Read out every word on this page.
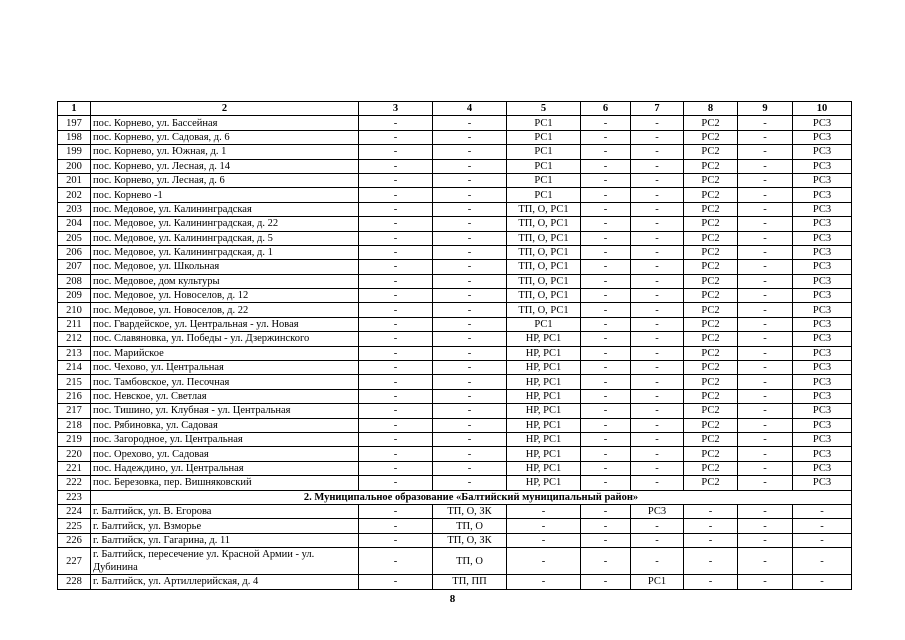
1	2	3	4	5	6	7	8	9	10
197	пос. Корнево, ул. Бассейная	-	-	РС1	-	-	РС2	-	РС3
198	пос. Корнево, ул. Садовая, д. 6	-	-	РС1	-	-	РС2	-	РС3
199	пос. Корнево, ул. Южная, д. 1	-	-	РС1	-	-	РС2	-	РС3
200	пос. Корнево, ул. Лесная, д. 14	-	-	РС1	-	-	РС2	-	РС3
201	пос. Корнево, ул. Лесная, д. 6	-	-	РС1	-	-	РС2	-	РС3
202	пос. Корнево -1	-	-	РС1	-	-	РС2	-	РС3
203	пос. Медовое, ул. Калининградская	-	-	ТП, О, РС1	-	-	РС2	-	РС3
204	пос. Медовое, ул. Калининградская, д. 22	-	-	ТП, О, РС1	-	-	РС2	-	РС3
205	пос. Медовое, ул. Калининградская, д. 5	-	-	ТП, О, РС1	-	-	РС2	-	РС3
206	пос. Медовое, ул. Калининградская, д. 1	-	-	ТП, О, РС1	-	-	РС2	-	РС3
207	пос. Медовое, ул. Школьная	-	-	ТП, О, РС1	-	-	РС2	-	РС3
208	пос. Медовое, дом культуры	-	-	ТП, О, РС1	-	-	РС2	-	РС3
209	пос. Медовое, ул. Новоселов, д. 12	-	-	ТП, О, РС1	-	-	РС2	-	РС3
210	пос. Медовое, ул. Новоселов, д. 22	-	-	ТП, О, РС1	-	-	РС2	-	РС3
211	пос. Гвардейское, ул. Центральная - ул. Новая	-	-	РС1	-	-	РС2	-	РС3
212	пос. Славяновка, ул. Победы - ул. Дзержинского	-	-	НР, РС1	-	-	РС2	-	РС3
213	пос. Марийское	-	-	НР, РС1	-	-	РС2	-	РС3
214	пос. Чехово, ул. Центральная	-	-	НР, РС1	-	-	РС2	-	РС3
215	пос. Тамбовское, ул. Песочная	-	-	НР, РС1	-	-	РС2	-	РС3
216	пос. Невское, ул. Светлая	-	-	НР, РС1	-	-	РС2	-	РС3
217	пос. Тишино, ул. Клубная - ул. Центральная	-	-	НР, РС1	-	-	РС2	-	РС3
218	пос. Рябиновка, ул. Садовая	-	-	НР, РС1	-	-	РС2	-	РС3
219	пос. Загородное, ул. Центральная	-	-	НР, РС1	-	-	РС2	-	РС3
220	пос. Орехово, ул. Садовая	-	-	НР, РС1	-	-	РС2	-	РС3
221	пос. Надеждино, ул. Центральная	-	-	НР, РС1	-	-	РС2	-	РС3
222	пос. Березовка, пер. Вишняковский	-	-	НР, РС1	-	-	РС2	-	РС3
223	2. Муниципальное образование «Балтийский муниципальный район»								
224	г. Балтийск, ул. В. Егорова	-	ТП, О, ЗК	-	-	РС3	-	-	-
225	г. Балтийск, ул. Взморье	-	ТП, О	-	-	-	-	-	-
226	г. Балтийск, ул. Гагарина, д. 11	-	ТП, О, ЗК	-	-	-	-	-	-
227	г. Балтийск, пересечение ул. Красной Армии - ул. Дубинина	-	ТП, О	-	-	-	-	-	-
228	г. Балтийск, ул. Артиллерийская, д. 4	-	ТП, ПП	-	-	РС1	-	-	-
8
